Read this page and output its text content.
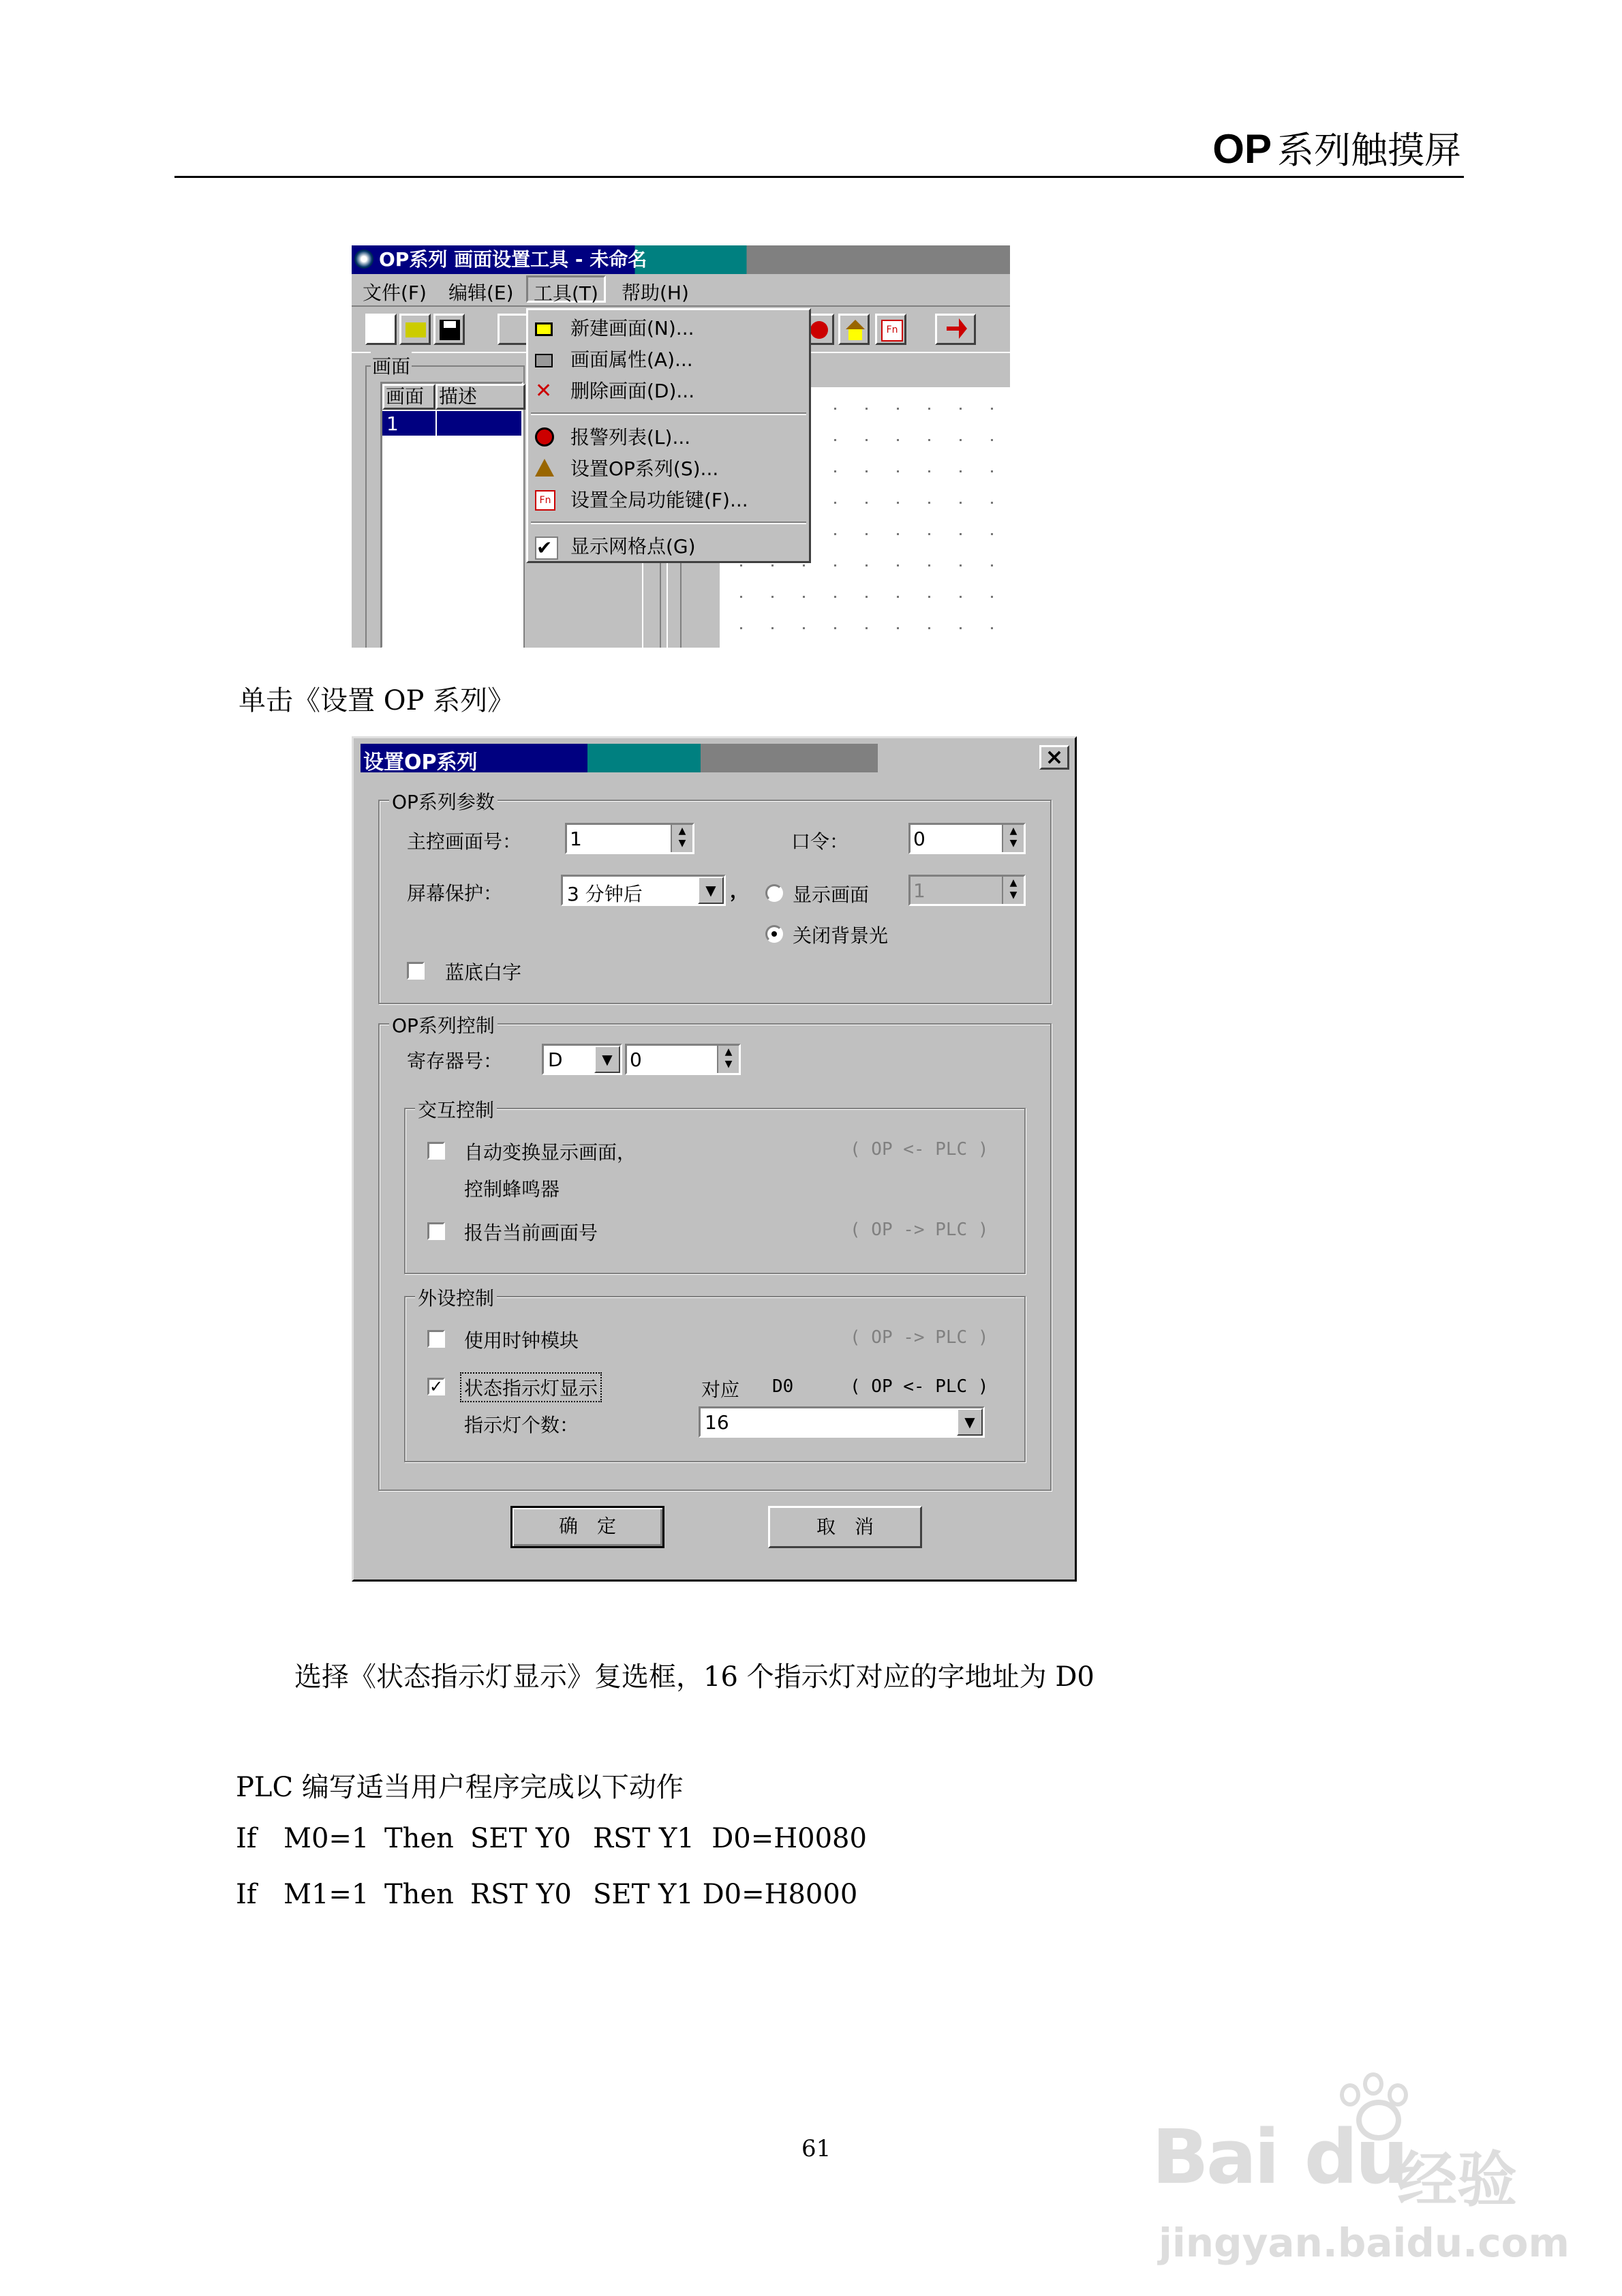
OP 系列触摸屏
OP系列 画面设置工具 - 未命名
文件(F) 编辑(E)	工具(T)	帮助(H)
Fn
画面
画面 描述
1
新建画面(N)...
画面属性(A)...
✕ 删除画面(D)...
报警列表(L)...
设置OP系列(S)...
Fn 设置全局功能键(F)...
✔ 显示网格点(G)
单击《设置 OP 系列》
设置OP系列	×
OP系列参数
主控画面号：	1	▲
▼	口令：	0	▲
▼
屏幕保护：	3 分钟后	▼ ， 显示画面 1	▲
▼
关闭背景光
蓝底白字
OP系列控制
寄存器号： D	▼ 0	▲
▼
交互控制
自动变换显示画面，
控制蜂鸣器
( OP <- PLC )
报告当前画面号	( OP -> PLC )
外设控制
使用时钟模块	( OP -> PLC )
✓ 状态指示灯显示	对应 D0	( OP <- PLC )
指示灯个数：	16	▼
确　定	取　消
选择《状态指示灯显示》复选框，16 个指示灯对应的字地址为 D0
PLC 编写适当用户程序完成以下动作
If M0=1 Then SET Y0 RST Y1  D0=H0080
If M1=1 Then RST Y0 SET Y1 D0=H8000
61	Bai du
经验
jingyan.baidu.com
